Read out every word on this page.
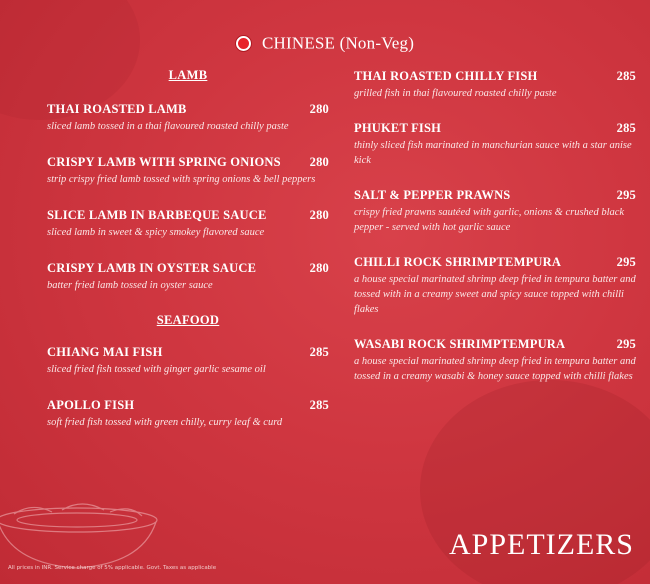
CHINESE (Non-Veg)
LAMB
THAI ROASTED LAMB	280
sliced lamb tossed in a thai flavoured roasted chilly paste
CRISPY LAMB WITH SPRING ONIONS 280
strip crispy fried lamb tossed with spring onions & bell peppers
SLICE LAMB IN BARBEQUE SAUCE	280
sliced lamb in sweet & spicy smokey flavored sauce
CRISPY LAMB IN OYSTER SAUCE	280
batter fried lamb tossed in oyster sauce
SEAFOOD
CHIANG MAI FISH	285
sliced fried fish tossed with ginger garlic sesame oil
APOLLO FISH	285
soft fried fish tossed with green chilly, curry leaf & curd
THAI ROASTED CHILLY FISH	285
grilled fish in thai flavoured roasted chilly paste
PHUKET FISH	285
thinly sliced fish marinated in manchurian sauce with a star anise kick
SALT & PEPPER PRAWNS	295
crispy fried prawns sautéed with garlic, onions & crushed black pepper - served with hot garlic sauce
CHILLI ROCK SHRIMPTEMPURA	295
a house special marinated shrimp deep fried in tempura batter and tossed with in a creamy sweet and spicy sauce topped with chilli flakes
WASABI ROCK SHRIMPTEMPURA	295
a house special marinated shrimp deep fried in tempura batter and tossed in a creamy wasabi & honey sauce topped with chilli flakes
All prices in INR. Service charge of 5% applicable. Govt. Taxes as applicable
APPETIZERS
